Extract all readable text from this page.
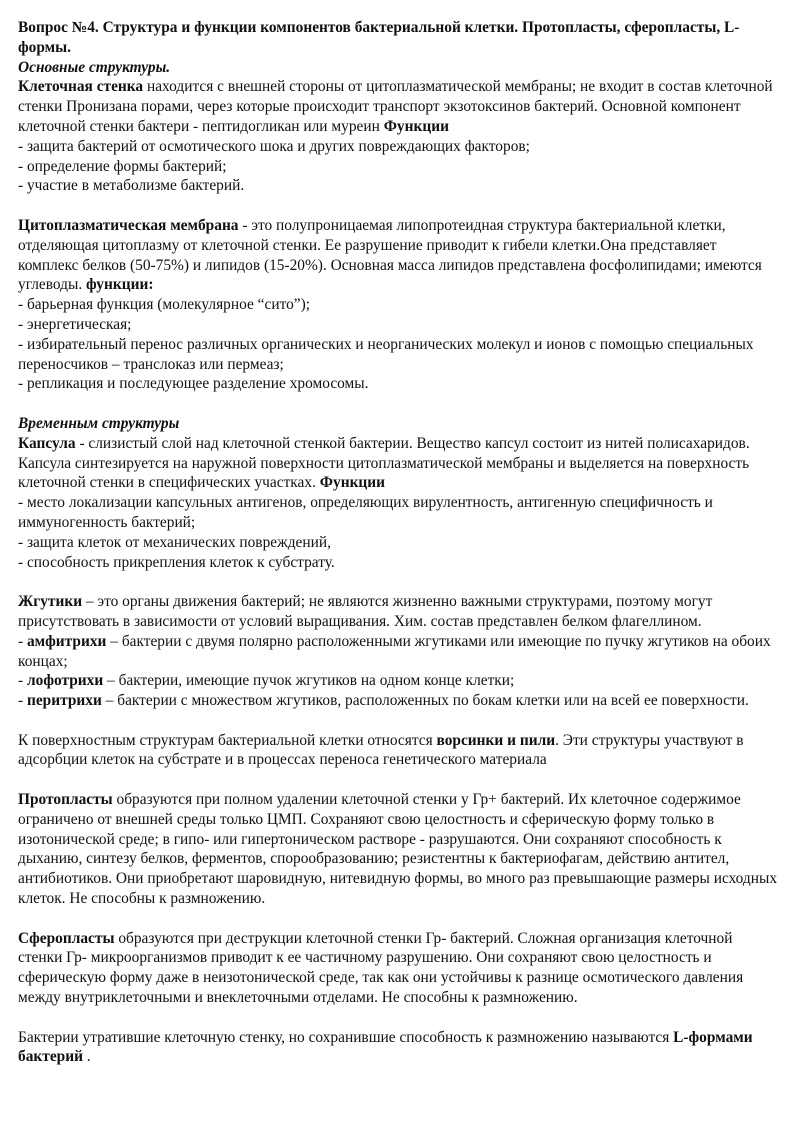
Вопрос №4. Структура и функции компонентов бактериальной клетки. Протопласты, сферопласты, L-формы.

Основные структуры.

Клеточная стенка находится с внешней стороны от цитоплазматической мембраны; не входит в состав клеточной стенки Пронизана порами, через которые происходит транспорт экзотоксинов бактерий. Основной компонент клеточной стенки бактери - пептидогликан или муреин Функции

- защита бактерий от осмотического шока и других повреждающих факторов;

- определение формы бактерий;

- участие в метаболизме бактерий.

Цитоплазматическая мембрана - это полупроницаемая липопротеидная структура бактериальной клетки, отделяющая цитоплазму от клеточной стенки. Ее разрушение приводит к гибели клетки.Она представляет комплекс белков (50-75%) и липидов (15-20%). Основная масса липидов представлена фосфолипидами; имеются углеводы. функции:

- барьерная функция (молекулярное “сито”);

- энергетическая;

- избирательный перенос различных органических и неорганических молекул и ионов с помощью специальных переносчиков – транслоказ или пермеаз;

- репликация и последующее разделение хромосомы.

Временным структуры

Капсула - слизистый слой над клеточной стенкой бактерии. Вещество капсул состоит из нитей полисахаридов. Капсула синтезируется на наружной поверхности цитоплазматической мембраны и выделяется на поверхность клеточной стенки в специфических участках. Функции

- место локализации капсульных антигенов, определяющих вирулентность, антигенную специфичность и иммуногенность бактерий;

- защита клеток от механических повреждений,

- способность прикрепления клеток к субстрату.

Жгутики – это органы движения бактерий; не являются жизненно важными структурами, поэтому могут присутствовать в зависимости от условий выращивания. Хим. состав представлен белком флагеллином.

- амфитрихи – бактерии с двумя полярно расположенными жгутиками или имеющие по пучку жгутиков на обоих концах;

- лофотрихи – бактерии, имеющие пучок жгутиков на одном конце клетки;

- перитрихи – бактерии с множеством жгутиков, расположенных по бокам клетки или на всей ее поверхности.

К поверхностным структурам бактериальной клетки относятся ворсинки и пили. Эти структуры участвуют в адсорбции клеток на субстрате и в процессах переноса генетического материала

Протопласты образуются при полном удалении клеточной стенки у Гр+ бактерий. Их клеточное содержимое ограничено от внешней среды только ЦМП. Сохраняют свою целостность и сферическую форму только в изотонической среде; в гипо- или гипертоническом растворе - разрушаются. Они сохраняют способность к дыханию, синтезу белков, ферментов, спорообразованию; резистентны к бактериофагам, действию антител, антибиотиков. Они приобретают шаровидную, нитевидную формы, во много раз превышающие размеры исходных клеток. Не способны к размножению.

Сферопласты образуются при деструкции клеточной стенки Гр- бактерий. Сложная организация клеточной стенки Гр- микроорганизмов приводит к ее частичному разрушению. Они сохраняют свою целостность и сферическую форму даже в неизотонической среде, так как они устойчивы к разнице осмотического давления между внутриклеточными и внеклеточными отделами. Не способны к размножению.

Бактерии утратившие клеточную стенку, но сохранившие способность к размножению называются L-формами бактерий .
